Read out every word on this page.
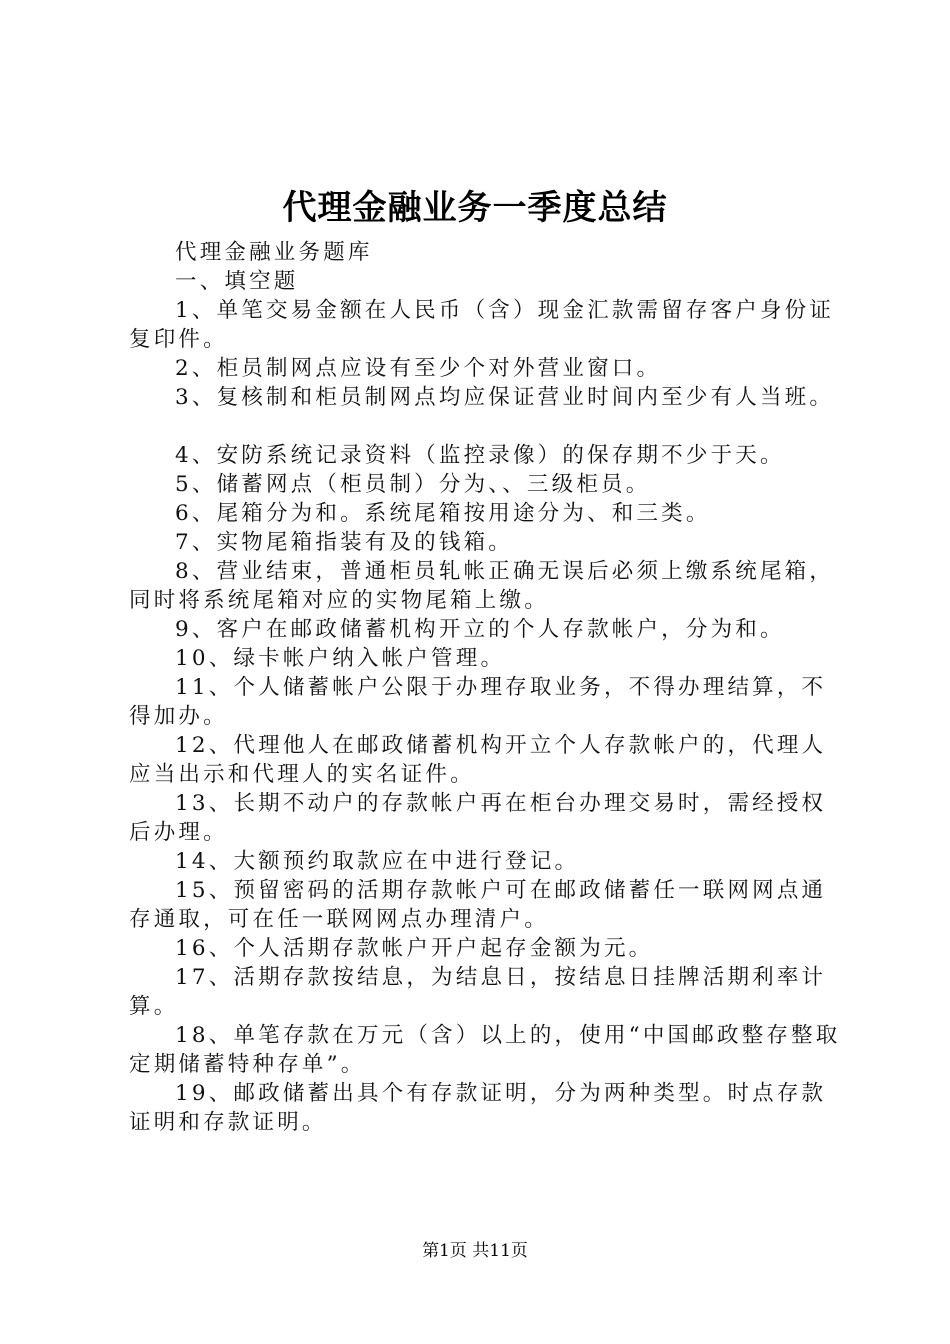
代理金融业务一季度总结

代理金融业务题库

一、填空题

1、单笔交易金额在人民币（含）现金汇款需留存客户身份证复印件。

2、柜员制网点应设有至少个对外营业窗口。

3、复核制和柜员制网点均应保证营业时间内至少有人当班。

4、安防系统记录资料（监控录像）的保存期不少于天。

5、储蓄网点（柜员制）分为、、三级柜员。

6、尾箱分为和。系统尾箱按用途分为、和三类。

7、实物尾箱指装有及的钱箱。

8、营业结束，普通柜员轧帐正确无误后必须上缴系统尾箱，同时将系统尾箱对应的实物尾箱上缴。

9、客户在邮政储蓄机构开立的个人存款帐户，分为和。

10、绿卡帐户纳入帐户管理。

11、个人储蓄帐户公限于办理存取业务，不得办理结算，不得加办。

12、代理他人在邮政储蓄机构开立个人存款帐户的，代理人应当出示和代理人的实名证件。

13、长期不动户的存款帐户再在柜台办理交易时，需经授权后办理。

14、大额预约取款应在中进行登记。

15、预留密码的活期存款帐户可在邮政储蓄任一联网网点通存通取，可在任一联网网点办理清户。

16、个人活期存款帐户开户起存金额为元。

17、活期存款按结息，为结息日，按结息日挂牌活期利率计算。

18、单笔存款在万元（含）以上的，使用“中国邮政整存整取定期储蓄特种存单”。

19、邮政储蓄出具个有存款证明，分为两种类型。时点存款证明和存款证明。

第1页 共11页
